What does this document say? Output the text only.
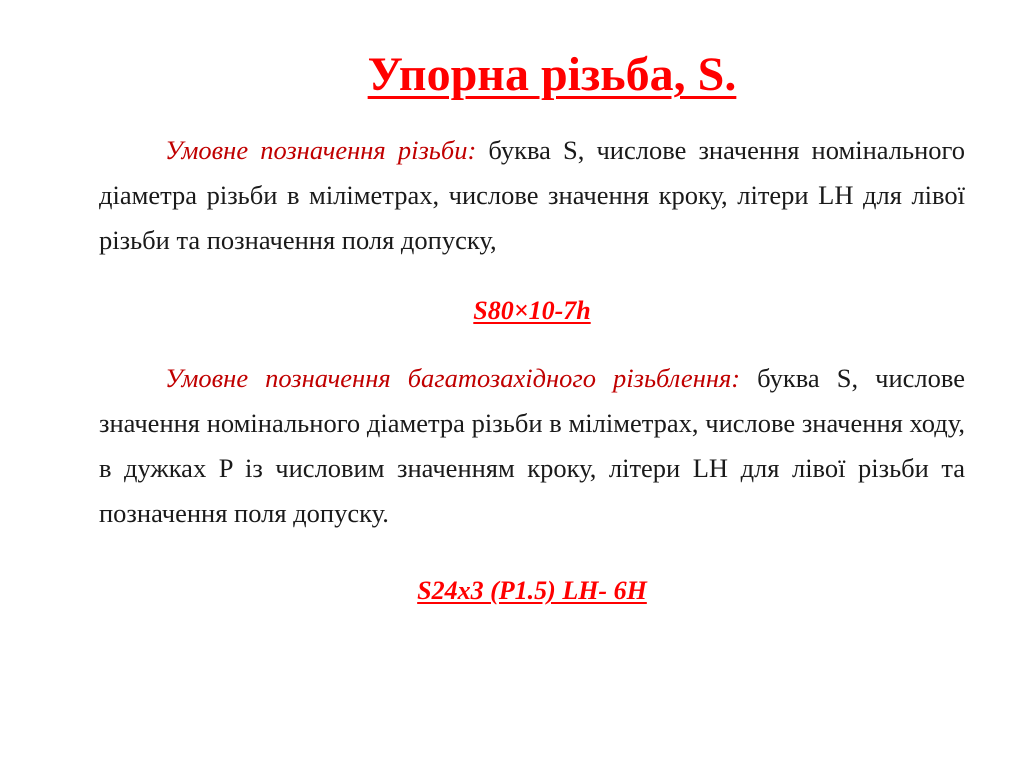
Упорна різьба, S.

Умовне позначення різьби: буква S, числове значення номінального діаметра різьби в міліметрах, числове значення кроку, літери LH для лівої різьби та позначення поля допуску,

S80×10-7h

Умовне позначення багатозахідного різьблення: буква S, числове значення номінального діаметра різьби в міліметрах, числове значення ходу, в дужках P із числовим значенням кроку, літери LH для лівої різьби та позначення поля допуску.

S24x3 (P1.5) LH- 6H
